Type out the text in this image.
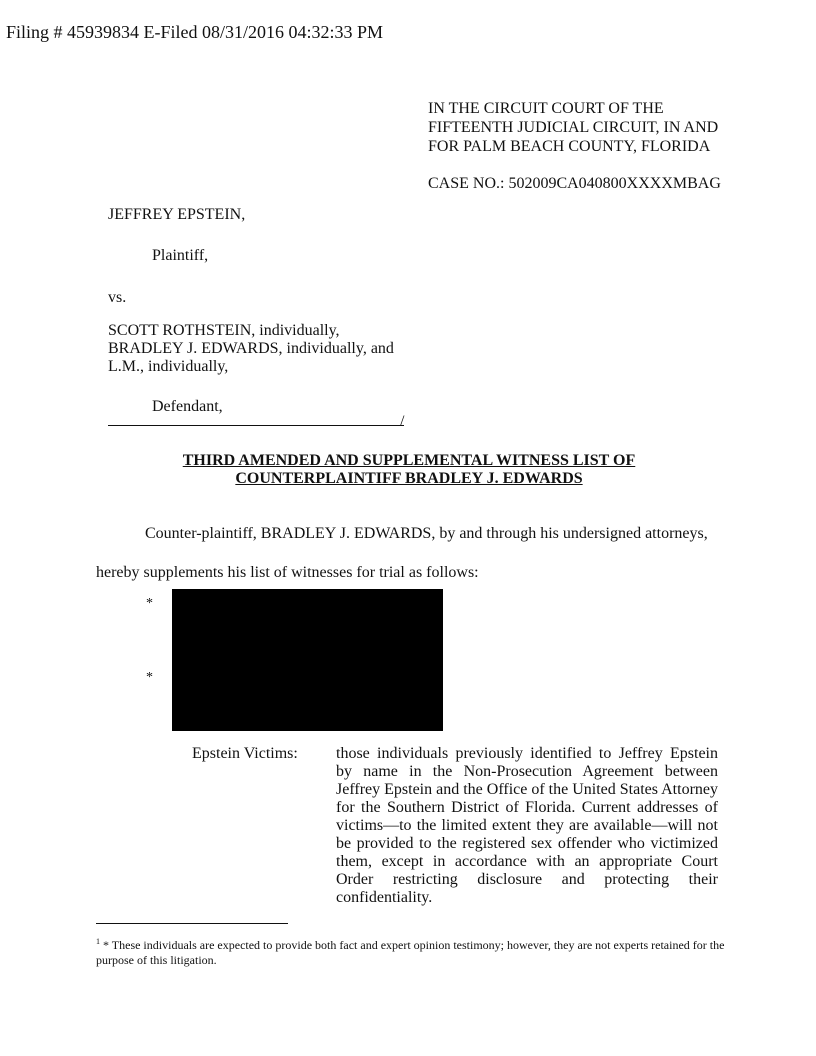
Filing # 45939834 E-Filed 08/31/2016 04:32:33 PM
IN THE CIRCUIT COURT OF THE
FIFTEENTH JUDICIAL CIRCUIT, IN AND
FOR PALM BEACH COUNTY, FLORIDA
CASE NO.: 502009CA040800XXXXMBAG
JEFFREY EPSTEIN,
Plaintiff,
vs.
SCOTT ROTHSTEIN, individually,
BRADLEY J. EDWARDS, individually, and
L.M., individually,
Defendant,
/
THIRD AMENDED AND SUPPLEMENTAL WITNESS LIST OF
COUNTERPLAINTIFF BRADLEY J. EDWARDS
Counter-plaintiff, BRADLEY J. EDWARDS, by and through his undersigned attorneys,
hereby supplements his list of witnesses for trial as follows:
*
*
Epstein Victims: those individuals previously identified to Jeffrey Epstein by name in the Non-Prosecution Agreement between Jeffrey Epstein and the Office of the United States Attorney for the Southern District of Florida. Current addresses of victims—to the limited extent they are available—will not be provided to the registered sex offender who victimized them, except in accordance with an appropriate Court Order restricting disclosure and protecting their confidentiality.
$^1$ * These individuals are expected to provide both fact and expert opinion testimony; however, they are not experts retained for the purpose of this litigation.
